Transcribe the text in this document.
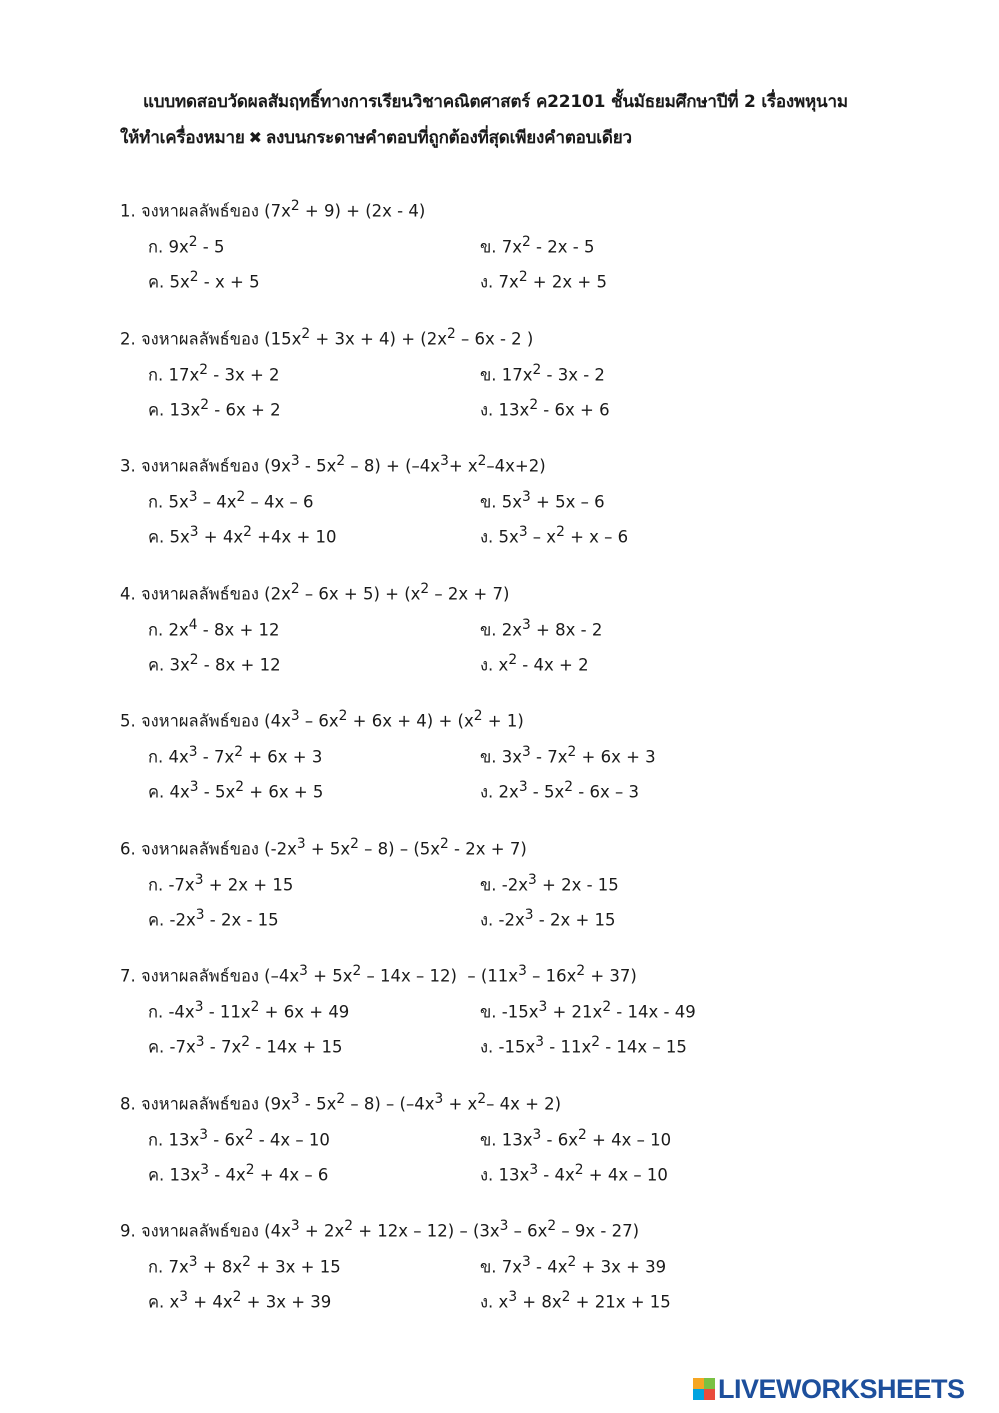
แบบทดสอบวัดผลสัมฤทธิ์ทางการเรียนวิชาคณิตศาสตร์ ค22101 ชั้นมัธยมศึกษาปีที่ 2 เรื่องพหุนาม
ให้ทำเครื่องหมาย ✖ ลงบนกระดาษคำตอบที่ถูกต้องที่สุดเพียงคำตอบเดียว
1. จงหาผลลัพธ์ของ $(7x^2 + 9) + (2x - 4)$
ก. $9x^2 - 5$	ข. $7x^2 - 2x - 5$
ค. $5x^2 - x + 5$	ง. $7x^2 + 2x + 5$
2. จงหาผลลัพธ์ของ $(15x^2 + 3x + 4) + (2x^2 - 6x - 2$ )
ก. $17x^2 - 3x + 2$	ข. $17x^2 - 3x - 2$
ค. $13x^2 - 6x + 2$	ง. $13x^2 - 6x + 6$
3. จงหาผลลัพธ์ของ $(9x^3 - 5x^2 - 8) + (-4x^3+ x^2-4x+2)$
ก. $5x^3 - 4x^2 - 4x - 6$	ข. $5x^3 + 5x - 6$
ค. $5x^3 + 4x^2 +4x + 10$	ง. $5x^3 - x^2 + x - 6$
4. จงหาผลลัพธ์ของ $(2x^2 - 6x + 5) + (x^2 - 2x + 7)$
ก. $2x^4 - 8x + 12$	ข. $2x^3 + 8x - 2$
ค. $3x^2 - 8x + 12$	ง. $x^2 - 4x + 2$
5. จงหาผลลัพธ์ของ $(4x^3 - 6x^2 + 6x + 4) + (x^2 + 1)$
ก. $4x^3 - 7x^2 + 6x + 3$	ข. $3x^3 - 7x^2 + 6x + 3$
ค. $4x^3 - 5x^2 + 6x + 5$	ง. $2x^3 - 5x^2 - 6x - 3$
6. จงหาผลลัพธ์ของ $(-2x^3 + 5x^2 - 8) - (5x^2 - 2x + 7)$
ก. $-7x^3 + 2x + 15$	ข. $-2x^3 + 2x - 15$
ค. $-2x^3 - 2x - 15$	ง. $-2x^3 - 2x + 15$
7. จงหาผลลัพธ์ของ $(-4x^3 + 5x^2 - 14x - 12) - (11x^3 - 16x^2 + 37)$
ก. $-4x^3 - 11x^2 + 6x + 49$	ข. $-15x^3 + 21x^2 - 14x - 49$
ค. $-7x^3 - 7x^2 - 14x + 15$	ง. $-15x^3 - 11x^2 - 14x - 15$
8. จงหาผลลัพธ์ของ $(9x^3 - 5x^2 - 8) - (-4x^3 + x^2-$ 4x + 2)
ก. $13x^3 - 6x^2 - 4x - 10$	ข. $13x^3 - 6x^2 + 4x - 10$
ค. $13x^3 - 4x^2 + 4x - 6$	ง. $13x^3 - 4x^2 + 4x - 10$
9. จงหาผลลัพธ์ของ $(4x^3 + 2x^2 + 12x - 12) - (3x^3 - 6x^2 - 9x - 27)$
ก. $7x^3 + 8x^2 + 3x + 15$	ข. $7x^3 - 4x^2 + 3x + 39$
ค. $x^3 + 4x^2 + 3x + 39$	ง. $x^3 + 8x^2 + 21x + 15$
LIVEWORKSHEETS
